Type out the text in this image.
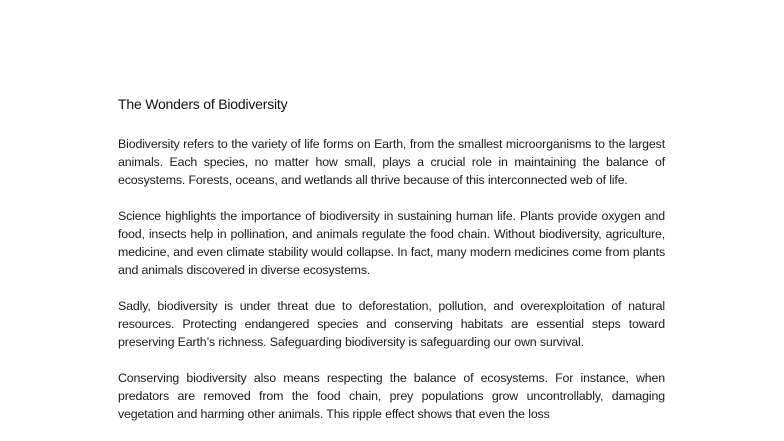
The Wonders of Biodiversity

Biodiversity refers to the variety of life forms on Earth, from the smallest microorganisms to the largest animals. Each species, no matter how small, plays a crucial role in maintaining the balance of ecosystems. Forests, oceans, and wetlands all thrive because of this interconnected web of life.

Science highlights the importance of biodiversity in sustaining human life. Plants provide oxygen and food, insects help in pollination, and animals regulate the food chain. Without biodiversity, agriculture, medicine, and even climate stability would collapse. In fact, many modern medicines come from plants and animals discovered in diverse ecosystems.

Sadly, biodiversity is under threat due to deforestation, pollution, and overexploitation of natural resources. Protecting endangered species and conserving habitats are essential steps toward preserving Earth’s richness. Safeguarding biodiversity is safeguarding our own survival.

Conserving biodiversity also means respecting the balance of ecosystems. For instance, when predators are removed from the food chain, prey populations grow uncontrollably, damaging vegetation and harming other animals. This ripple effect shows that even the loss
